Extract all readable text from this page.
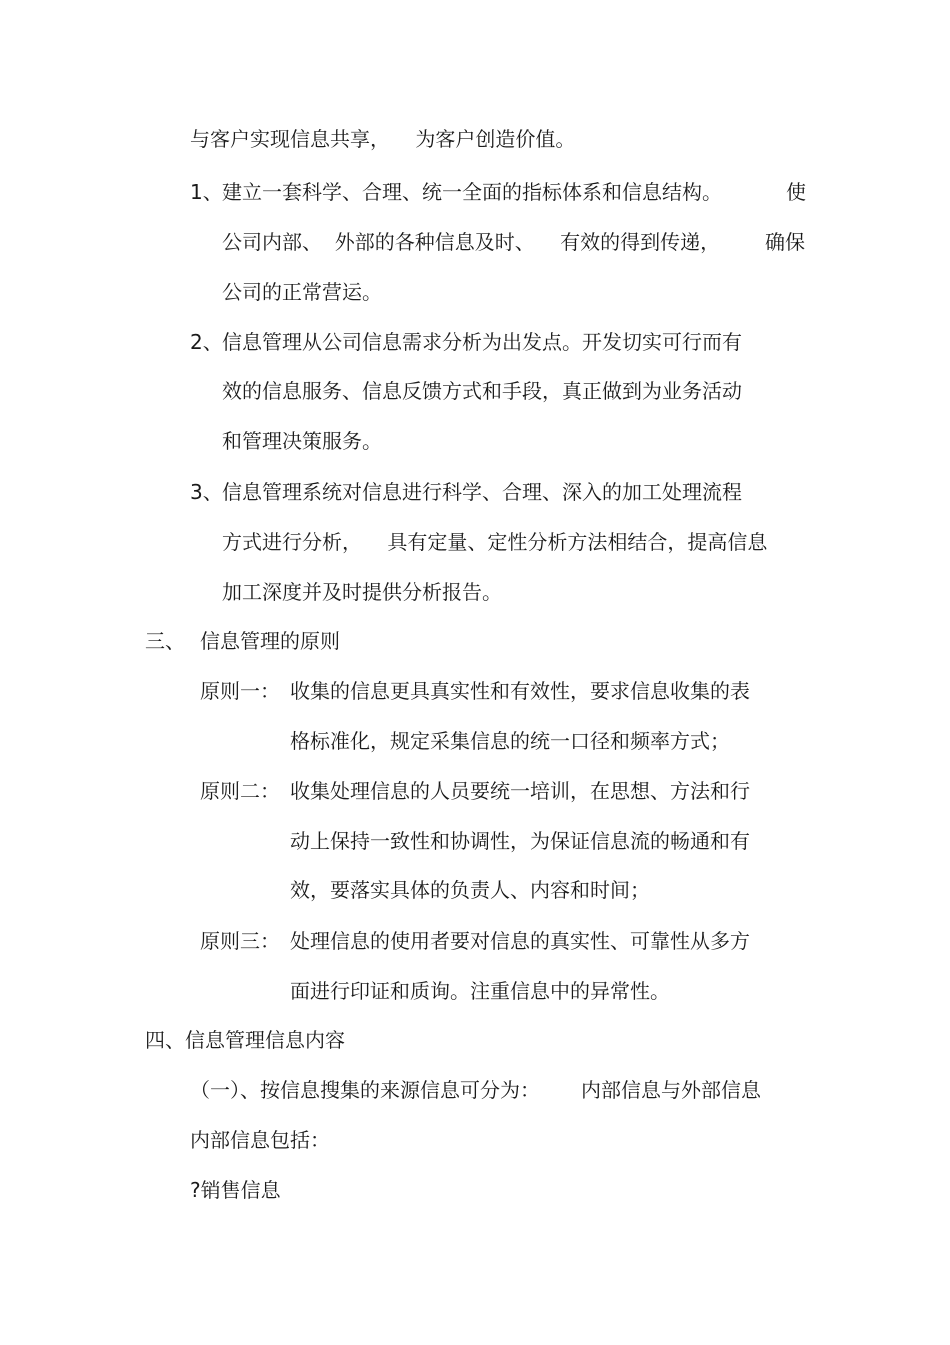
与客户实现信息共享，    为客户创造价值。
1、 建立一套科学、合理、统一全面的指标体系和信息结构。	使
公司内部、  外部的各种信息及时、    有效的得到传递， 确保
公司的正常营运。
2、 信息管理从公司信息需求分析为出发点。开发切实可行而有
效的信息服务、信息反馈方式和手段，真正做到为业务活动
和管理决策服务。
3、 信息管理系统对信息进行科学、合理、深入的加工处理流程
方式进行分析，    具有定量、定性分析方法相结合，提高信息
加工深度并及时提供分析报告。
三、 信息管理的原则
原则一： 收集的信息更具真实性和有效性，要求信息收集的表
格标准化，规定采集信息的统一口径和频率方式；
原则二： 收集处理信息的人员要统一培训，在思想、方法和行
动上保持一致性和协调性，为保证信息流的畅通和有
效，要落实具体的负责人、内容和时间；
原则三： 处理信息的使用者要对信息的真实性、可靠性从多方
面进行印证和质询。注重信息中的异常性。
四、信息管理信息内容
（一）、按信息搜集的来源信息可分为： 内部信息与外部信息
内部信息包括：
?销售信息
